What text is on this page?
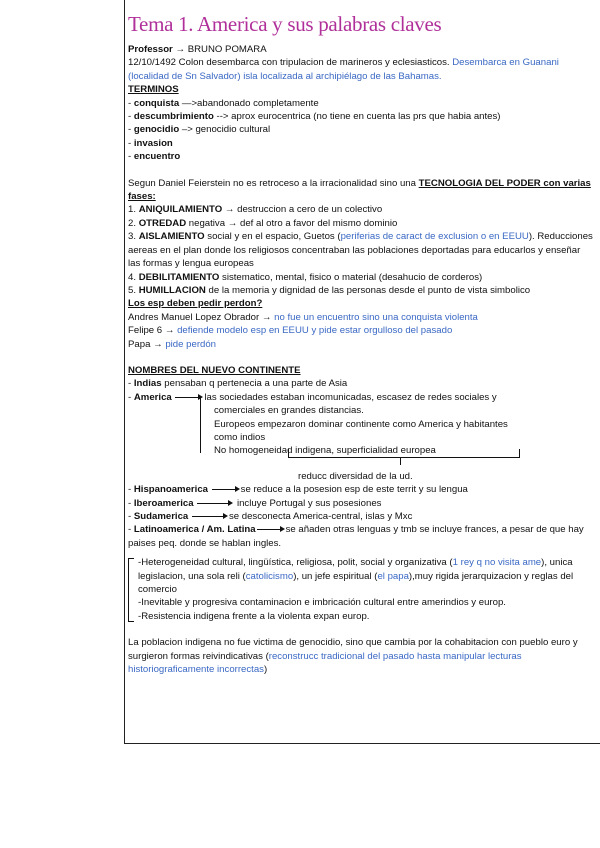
Tema 1. America y sus palabras claves
Professor → BRUNO POMARA
12/10/1492 Colon desembarca con tripulacion de marineros y eclesiasticos. Desembarca en Guanani (localidad de Sn Salvador) isla localizada al archipiélago de las Bahamas.
TERMINOS
- conquista —>abandonado completamente
- descumbrimiento --> aprox eurocentrica (no tiene en cuenta las prs que habia antes)
- genocidio –> genocidio cultural
- invasion
- encuentro
Segun Daniel Feierstein no es retroceso a la irracionalidad sino una TECNOLOGIA DEL PODER con varias fases:
1. ANIQUILAMIENTO → destruccion a cero de un colectivo
2. OTREDAD negativa → def al otro a favor del mismo dominio
3. AISLAMIENTO social y en el espacio, Guetos (periferias de caract de exclusion o en EEUU). Reducciones aereas en el plan donde los religiosos concentraban las poblaciones deportadas para educarlos y enseñar las formas y lengua europeas
4. DEBILITAMIENTO sistematico, mental, fisico o material (desahucio de corderos)
5. HUMILLACION de la memoria y dignidad de las personas desde el punto de vista simbolico
Los esp deben pedir perdon?
Andres Manuel Lopez Obrador → no fue un encuentro sino una conquista violenta
Felipe 6 → defiende modelo esp en EEUU y pide estar orgulloso del pasado
Papa → pide perdón
NOMBRES DEL NUEVO CONTINENTE
- Indias pensaban q pertenecia a una parte de Asia
- America	las sociedades estaban incomunicadas, escasez de redes sociales y
comerciales en grandes distancias.
Europeos empezaron dominar continente como America y habitantes
como indios
No homogeneidad indigena, superficialidad europea
reducc diversidad de la ud.
- Hispanoamerica	se reduce a la posesion esp de este territ y su lengua
- Iberoamerica	incluye Portugal y sus posesiones
- Sudamerica	se desconecta America-central, islas y Mxc
- Latinoamerica / Am. Latina	se añaden otras lenguas y tmb se incluye frances, a pesar de que hay paises peq. donde se hablan ingles.
-Heterogeneidad cultural, lingüística, religiosa, polit, social y organizativa (1 rey q no visita ame), unica legislacion, una sola reli (catolicismo), un jefe espiritual (el papa),muy rigida jerarquizacion y reglas del comercio
-Inevitable y progresiva contaminacion e imbricación cultural entre amerindios y europ.
-Resistencia indigena frente a la violenta expan europ.
La poblacion indigena no fue victima de genocidio, sino que cambia por la cohabitacion con pueblo euro y surgieron formas reivindicativas (reconstrucc tradicional del pasado hasta manipular lecturas historiograficamente incorrectas)
